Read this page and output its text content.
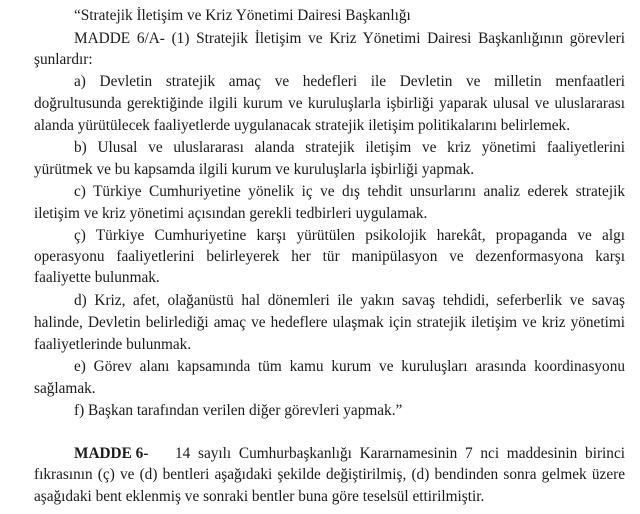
“Stratejik İletişim ve Kriz Yönetimi Dairesi Başkanlığı
MADDE 6/A- (1) Stratejik İletişim ve Kriz Yönetimi Dairesi Başkanlığının görevleri
şunlardır:
a) Devletin stratejik amaç ve hedefleri ile Devletin ve milletin menfaatleri
doğrultusunda gerektiğinde ilgili kurum ve kuruluşlarla işbirliği yaparak ulusal ve uluslararası
alanda yürütülecek faaliyetlerde uygulanacak stratejik iletişim politikalarını belirlemek.
b) Ulusal ve uluslararası alanda stratejik iletişim ve kriz yönetimi faaliyetlerini
yürütmek ve bu kapsamda ilgili kurum ve kuruluşlarla işbirliği yapmak.
c) Türkiye Cumhuriyetine yönelik iç ve dış tehdit unsurlarını analiz ederek stratejik
iletişim ve kriz yönetimi açısından gerekli tedbirleri uygulamak.
ç) Türkiye Cumhuriyetine karşı yürütülen psikolojik harekât, propaganda ve algı
operasyonu faaliyetlerini belirleyerek her tür manipülasyon ve dezenformasyona karşı
faaliyette bulunmak.
d) Kriz, afet, olağanüstü hal dönemleri ile yakın savaş tehdidi, seferberlik ve savaş
halinde, Devletin belirlediği amaç ve hedeflere ulaşmak için stratejik iletişim ve kriz yönetimi
faaliyetlerinde bulunmak.
e) Görev alanı kapsamında tüm kamu kurum ve kuruluşları arasında koordinasyonu
sağlamak.
f) Başkan tarafından verilen diğer görevleri yapmak.”
MADDE 6- 14 sayılı Cumhurbaşkanlığı Kararnamesinin 7 nci maddesinin birinci
fıkrasının (ç) ve (d) bentleri aşağıdaki şekilde değiştirilmiş, (d) bendinden sonra gelmek üzere
aşağıdaki bent eklenmiş ve sonraki bentler buna göre teselsül ettirilmiştir.
